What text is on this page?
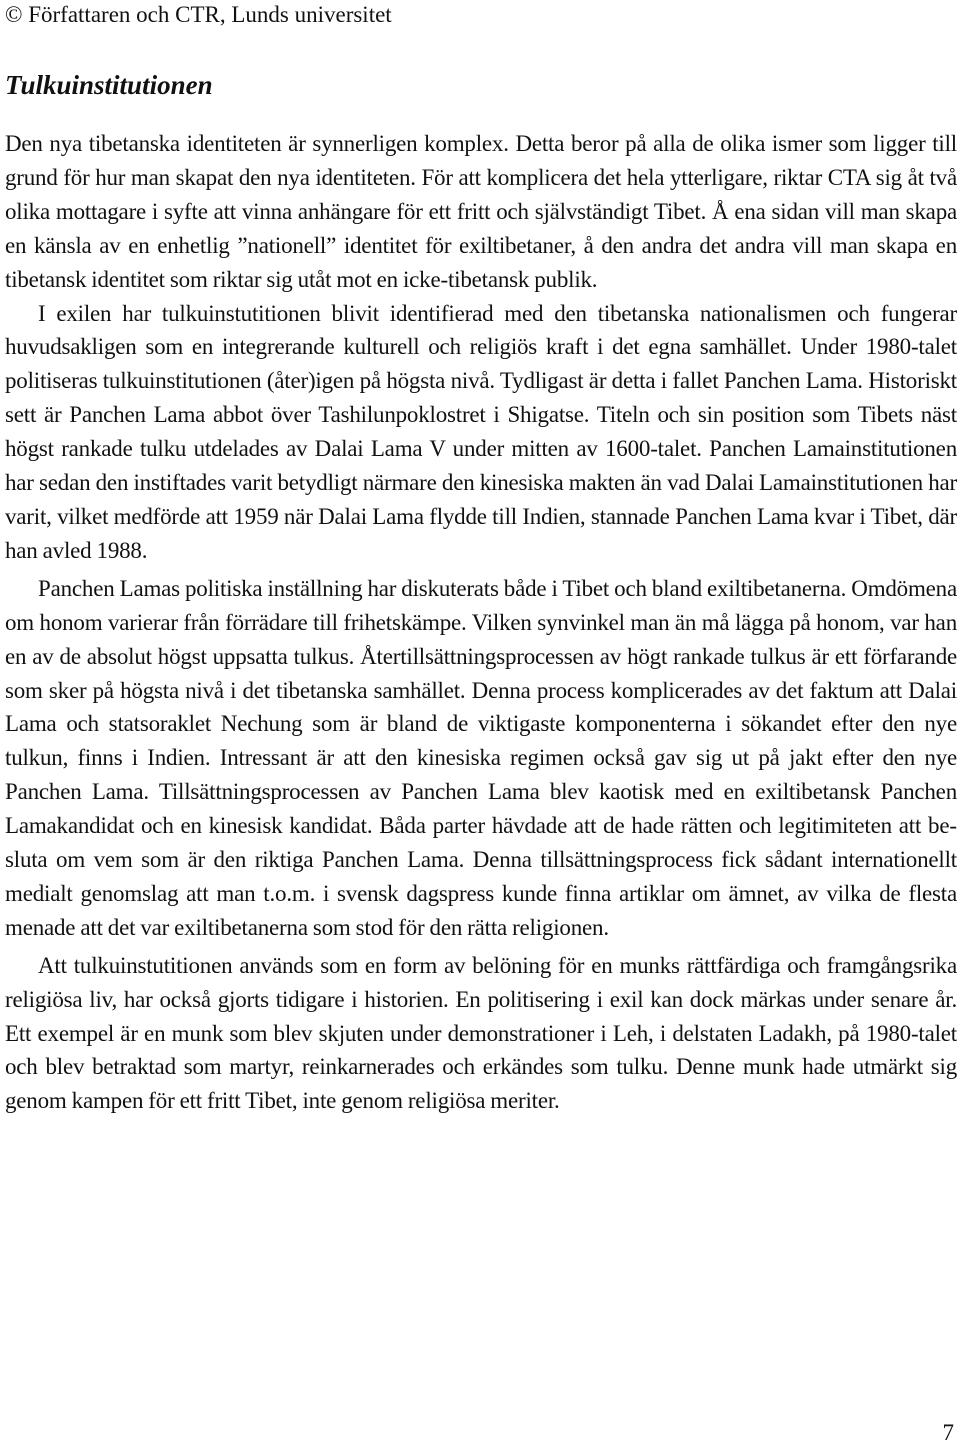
© Författaren och CTR, Lunds universitet
Tulkuinstitutionen

Den nya tibetanska identiteten är synnerligen komplex. Detta beror på alla de olika ismer som ligger till grund för hur man skapat den nya identiteten. För att komplicera det hela ytterligare, riktar CTA sig åt två olika mottagare i syfte att vinna anhängare för ett fritt och självständigt Tibet. Å ena sidan vill man skapa en känsla av en enhetlig ”nationell” identitet för exiltibetaner, å den andra det andra vill man skapa en tibetansk identitet som riktar sig utåt mot en icke-tibetansk publik.

I exilen har tulkuinstutitionen blivit identifierad med den tibetanska nationalismen och fungerar huvudsakligen som en integrerande kulturell och religiös kraft i det egna samhället. Under 1980-talet politiseras tulkuinstitutionen (åter)igen på högsta nivå. Tydligast är detta i fallet Panchen Lama. Historiskt sett är Panchen Lama abbot över Tashilunpoklostret i Shigatse. Titeln och sin position som Tibets näst högst rankade tulku utdelades av Dalai Lama V under mitten av 1600-talet. Panchen Lamainstitutionen har sedan den instiftades varit betydligt närmare den kinesiska makten än vad Dalai Lamainstitutionen har varit, vilket medförde att 1959 när Dalai Lama flydde till Indien, stannade Panchen Lama kvar i Tibet, där han avled 1988.

Panchen Lamas politiska inställning har diskuterats både i Tibet och bland exiltibetanerna. Omdömena om honom varierar från förrädare till frihetskämpe. Vilken synvinkel man än må lägga på honom, var han en av de absolut högst uppsatta tulkus. Återtillsättningsprocessen av högt rankade tulkus är ett förfarande som sker på högsta nivå i det tibetanska samhället. Denna process komplicerades av det faktum att Dalai Lama och statsoraklet Nechung som är bland de viktigaste komponenterna i sökandet efter den nye tulkun, finns i Indien. Intressant är att den kinesiska regimen också gav sig ut på jakt efter den nye Panchen Lama. Tillsättningsprocessen av Panchen Lama blev kaotisk med en exiltibetansk Panchen Lamakandidat och en kinesisk kandidat. Båda parter hävdade att de hade rätten och legitimiteten att besluta om vem som är den riktiga Panchen Lama. Denna tillsättningsprocess fick sådant internationellt medialt genomslag att man t.o.m. i svensk dagspress kunde finna artiklar om ämnet, av vilka de flesta menade att det var exiltibetanerna som stod för den rätta religionen.

Att tulkuinstutitionen används som en form av belöning för en munks rättfärdiga och framgångsrika religiösa liv, har också gjorts tidigare i historien. En politisering i exil kan dock märkas under senare år. Ett exempel är en munk som blev skjuten under demonstrationer i Leh, i delstaten Ladakh, på 1980-talet och blev betraktad som martyr, reinkarnerades och erkändes som tulku. Denne munk hade utmärkt sig genom kampen för ett fritt Tibet, inte genom religiösa meriter.

7
